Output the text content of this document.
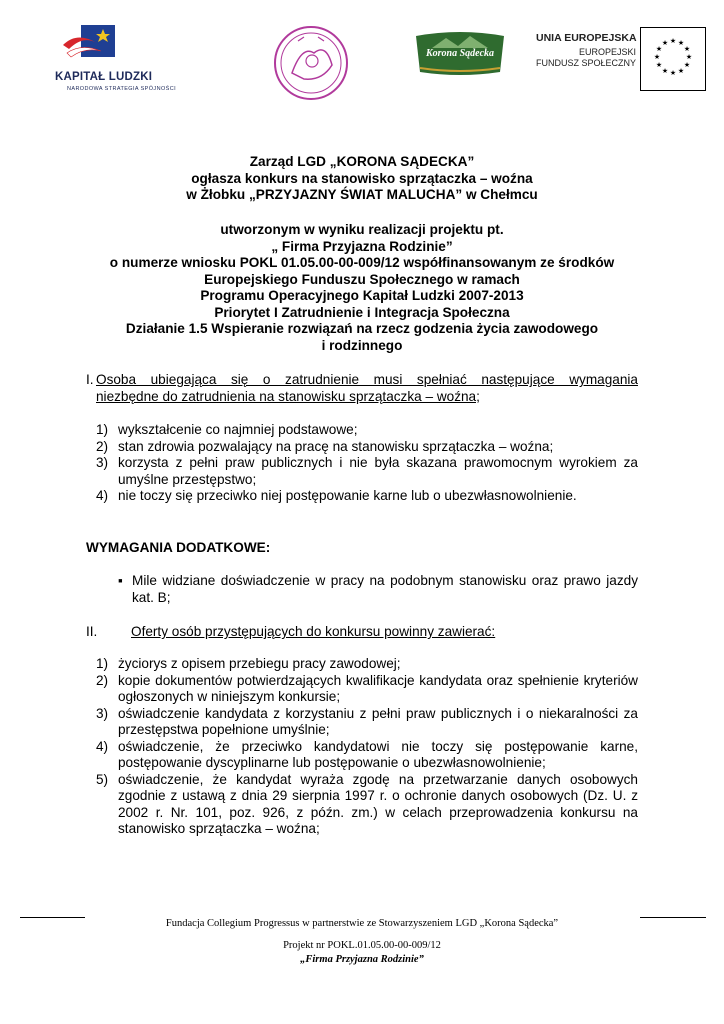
KAPITAŁ LUDZKI
NARODOWA STRATEGIA SPÓJNOŚCI
Korona Sądecka
UNIA EUROPEJSKA
EUROPEJSKI
FUNDUSZ SPOŁECZNY
★ ★
★
★
★
★
★
★
★
★
★
★
Zarząd LGD „KORONA SĄDECKA”
ogłasza konkurs na stanowisko sprzątaczka – woźna
w Żłobku „PRZYJAZNY ŚWIAT MALUCHA” w Chełmcu
utworzonym w wyniku realizacji projektu pt.
„ Firma Przyjazna Rodzinie”
o numerze wniosku POKL 01.05.00-00-009/12 współfinansowanym ze środków
Europejskiego Funduszu Społecznego w ramach
Programu Operacyjnego Kapitał Ludzki 2007-2013
Priorytet I Zatrudnienie i Integracja Społeczna
Działanie 1.5 Wspieranie rozwiązań na rzecz godzenia życia zawodowego
i rodzinnego
I. Osoba ubiegająca się o zatrudnienie musi spełniać następujące wymagania
niezbędne do zatrudnienia na stanowisku sprzątaczka – woźna;
1) wykształcenie co najmniej podstawowe;
2) stan zdrowia pozwalający na pracę na stanowisku sprzątaczka – woźna;
3) korzysta z pełni praw publicznych i nie była skazana prawomocnym wyrokiem za umyślne przestępstwo;
4) nie toczy się przeciwko niej postępowanie karne lub o ubezwłasnowolnienie.
WYMAGANIA DODATKOWE:
▪ Mile widziane doświadczenie w pracy na podobnym stanowisku oraz prawo jazdy kat. B;
II. Oferty osób przystępujących do konkursu powinny zawierać:
1) życiorys z opisem przebiegu pracy zawodowej;
2) kopie dokumentów potwierdzających kwalifikacje kandydata oraz spełnienie kryteriów ogłoszonych w niniejszym konkursie;
3) oświadczenie kandydata z korzystaniu z pełni praw publicznych i o niekaralności za przestępstwa popełnione umyślnie;
4) oświadczenie, że przeciwko kandydatowi nie toczy się postępowanie karne, postępowanie dyscyplinarne lub postępowanie o ubezwłasnowolnienie;
5) oświadczenie, że kandydat wyraża zgodę na przetwarzanie danych osobowych zgodnie z ustawą z dnia 29 sierpnia 1997 r. o ochronie danych osobowych (Dz. U. z 2002 r. Nr. 101, poz. 926, z późn. zm.) w celach przeprowadzenia konkursu na stanowisko sprzątaczka – woźna;
Fundacja Collegium Progressus w partnerstwie ze Stowarzyszeniem LGD „Korona Sądecka”
Projekt nr POKL.01.05.00-00-009/12
„Firma Przyjazna Rodzinie”
